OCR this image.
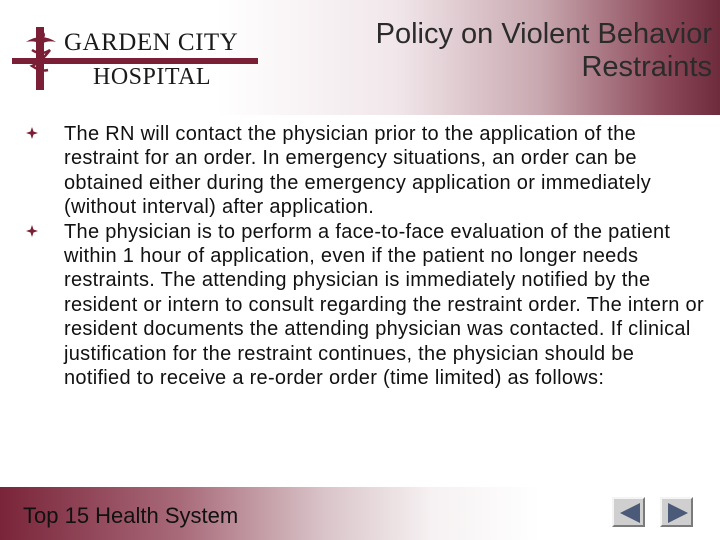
GARDEN CITY
HOSPITAL
Policy on Violent Behavior Restraints
The RN will contact the physician prior to the application of the restraint for an order. In emergency situations, an order can be obtained either during the emergency application or immediately (without interval) after application.
The physician is to perform a face-to-face evaluation of the patient within 1 hour of application, even if the patient no longer needs restraints. The attending physician is immediately notified by the resident or intern to consult regarding the restraint order. The intern or resident documents the attending physician was contacted. If clinical justification for the restraint continues, the physician should be notified to receive a re-order order (time limited) as follows:
Top 15 Health System
